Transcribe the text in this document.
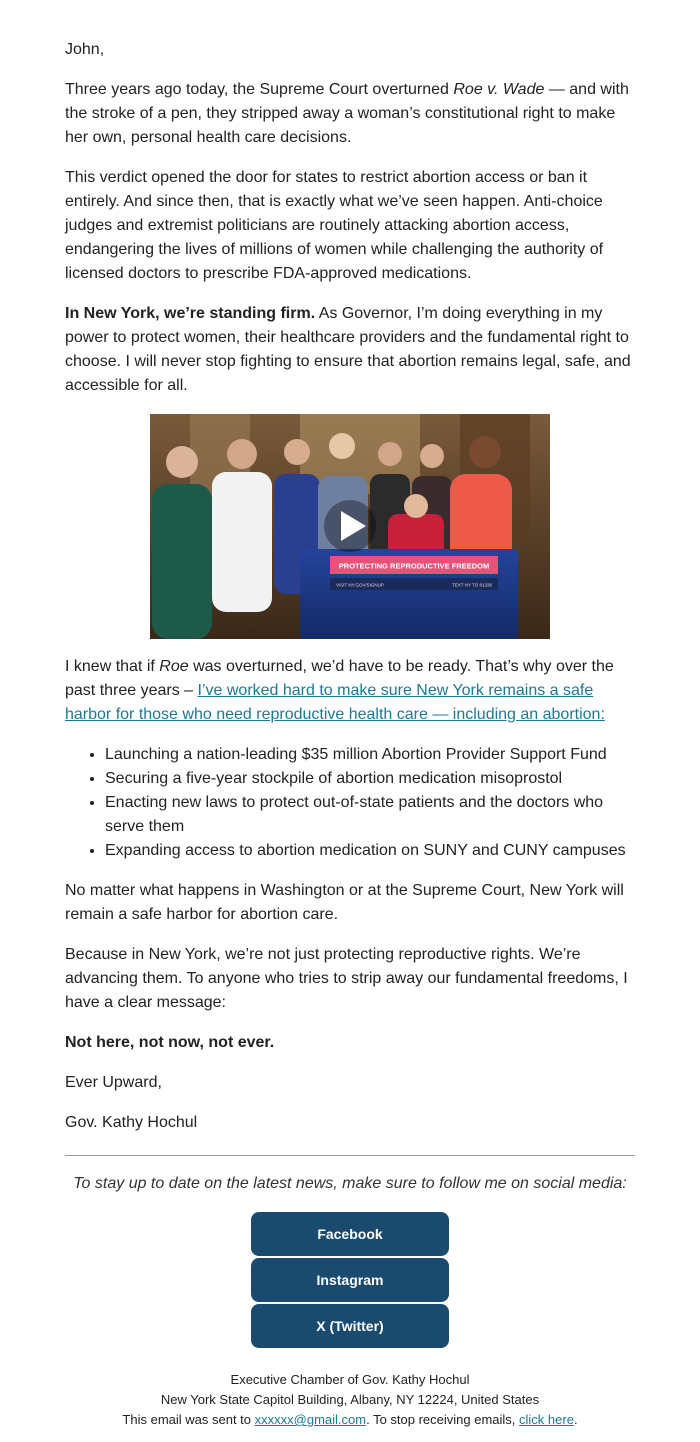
John,

Three years ago today, the Supreme Court overturned Roe v. Wade — and with the stroke of a pen, they stripped away a woman’s constitutional right to make her own, personal health care decisions.

This verdict opened the door for states to restrict abortion access or ban it entirely. And since then, that is exactly what we’ve seen happen. Anti-choice judges and extremist politicians are routinely attacking abortion access, endangering the lives of millions of women while challenging the authority of licensed doctors to prescribe FDA-approved medications.

In New York, we’re standing firm. As Governor, I’m doing everything in my power to protect women, their healthcare providers and the fundamental right to choose. I will never stop fighting to ensure that abortion remains legal, safe, and accessible for all.

PROTECTING REPRODUCTIVE FREEDOM
VISIT NY.GOV/SIGNUP	TEXT NY TO 81336

I knew that if Roe was overturned, we’d have to be ready. That’s why over the past three years – I’ve worked hard to make sure New York remains a safe harbor for those who need reproductive health care — including an abortion:

• Launching a nation-leading $35 million Abortion Provider Support Fund
• Securing a five-year stockpile of abortion medication misoprostol
• Enacting new laws to protect out-of-state patients and the doctors who serve them
• Expanding access to abortion medication on SUNY and CUNY campuses

No matter what happens in Washington or at the Supreme Court, New York will remain a safe harbor for abortion care.

Because in New York, we’re not just protecting reproductive rights. We’re advancing them. To anyone who tries to strip away our fundamental freedoms, I have a clear message:

Not here, not now, not ever.

Ever Upward,

Gov. Kathy Hochul

To stay up to date on the latest news, make sure to follow me on social media:
Facebook
Instagram
X (Twitter)
Executive Chamber of Gov. Kathy Hochul
New York State Capitol Building, Albany, NY 12224, United States
This email was sent to xxxxxx@gmail.com. To stop receiving emails, click here.
